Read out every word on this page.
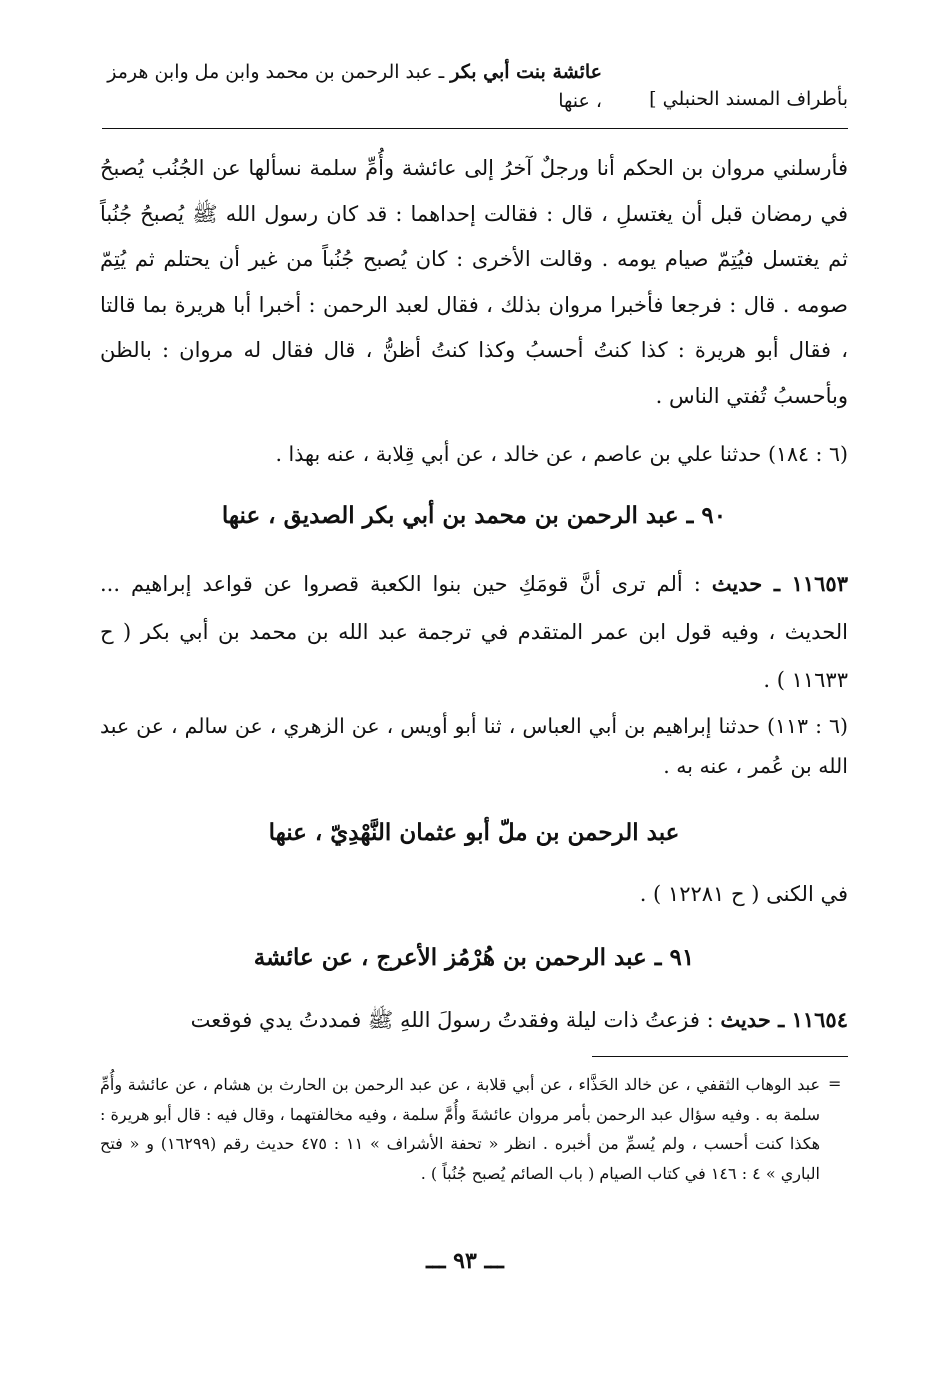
بأطراف المسند الحنبلي ]
عائشة بنت أبي بكر ـ عبد الرحمن بن محمد وابن مل وابن هرمز ، عنها
فأرسلني مروان بن الحكم أنا ورجلٌ آخرُ إلى عائشة وأُمِّ سلمة نسألها عن الجُنُب يُصبحُ في رمضان قبل أن يغتسلِ ، قال : فقالت إحداهما : قد كان رسول الله ﷺ يُصبحُ جُنُباً ثم يغتسل فيُتِمّ صيام يومه . وقالت الأخرى : كان يُصبح جُنُباً من غير أن يحتلم ثم يُتِمّ صومه . قال : فرجعا فأخبرا مروان بذلك ، فقال لعبد الرحمن : أخبرا أبا هريرة بما قالتا ، فقال أبو هريرة : كذا كنتُ أحسبُ وكذا كنتُ أظنُّ ، قال فقال له مروان : بالظن وبأحسبُ تُفتي الناس .
(٦ : ١٨٤) حدثنا علي بن عاصم ، عن خالد ، عن أبي قِلابة ، عنه بهذا .
٩٠ ـ عبد الرحمن بن محمد بن أبي بكر الصديق ، عنها
١١٦٥٣ ـ حديث : ألم ترى أنَّ قومَكِ حين بنوا الكعبة قصروا عن قواعد إبراهيم ... الحديث ، وفيه قول ابن عمر المتقدم في ترجمة عبد الله بن محمد بن أبي بكر ( ح ١١٦٣٣ ) .
(٦ : ١١٣) حدثنا إبراهيم بن أبي العباس ، ثنا أبو أويس ، عن الزهري ، عن سالم ، عن عبد الله بن عُمر ، عنه به .
عبد الرحمن بن ملّ أبو عثمان النَّهْدِيّ ، عنها
في الكنى ( ح ١٢٢٨١ ) .
٩١ ـ عبد الرحمن بن هُرْمُز الأعرج ، عن عائشة
١١٦٥٤ ـ حديث : فزعتُ ذات ليلة وفقدتُ رسولَ اللهِ ﷺ فمددتُ يدي فوقعت
=
عبد الوهاب الثقفي ، عن خالد الحَذَّاء ، عن أبي قلابة ، عن عبد الرحمن بن الحارث بن هشام ، عن عائشة وأُمِّ سلمة به . وفيه سؤال عبد الرحمن بأمر مروان عائشةَ وأُمَّ سلمة ، وفيه مخالفتهما ، وقال فيه : قال أبو هريرة : هكذا كنت أحسب ، ولم يُسمِّ من أخبره . انظر « تحفة الأشراف » ١١ : ٤٧٥ حديث رقم (١٦٢٩٩) و « فتح الباري » ٤ : ١٤٦ في كتاب الصيام ( باب الصائم يُصبح جُنُباً ) .
ـــ ٩٣ ـــ
